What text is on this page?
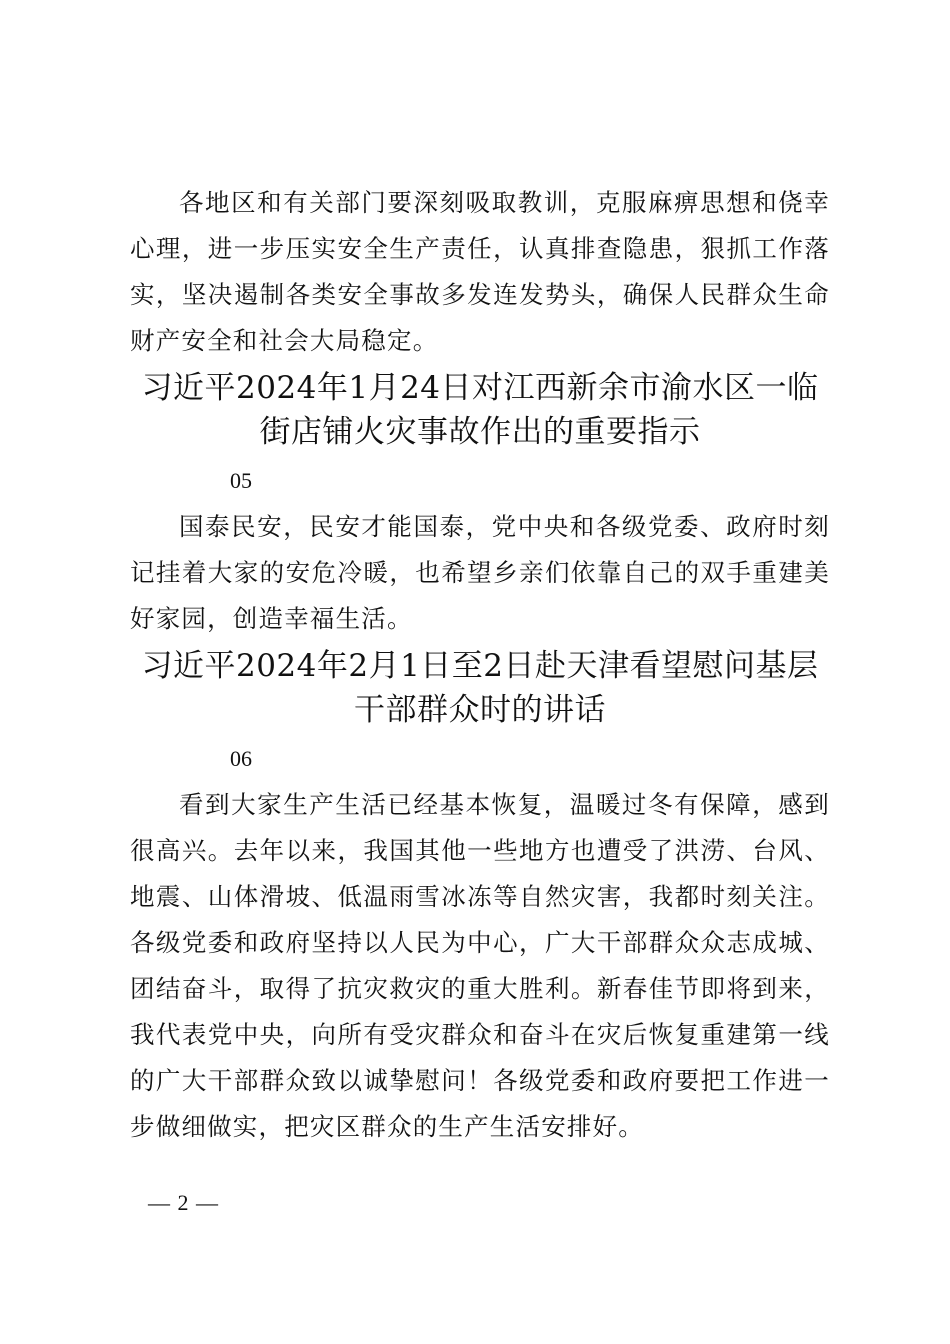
各地区和有关部门要深刻吸取教训，克服麻痹思想和侥幸心理，进一步压实安全生产责任，认真排查隐患，狠抓工作落实，坚决遏制各类安全事故多发连发势头，确保人民群众生命财产安全和社会大局稳定。

习近平2024年1月24日对江西新余市渝水区一临街店铺火灾事故作出的重要指示

05

国泰民安，民安才能国泰，党中央和各级党委、政府时刻记挂着大家的安危冷暖，也希望乡亲们依靠自己的双手重建美好家园，创造幸福生活。

习近平2024年2月1日至2日赴天津看望慰问基层干部群众时的讲话

06

看到大家生产生活已经基本恢复，温暖过冬有保障，感到很高兴。去年以来，我国其他一些地方也遭受了洪涝、台风、地震、山体滑坡、低温雨雪冰冻等自然灾害，我都时刻关注。各级党委和政府坚持以人民为中心，广大干部群众众志成城、团结奋斗，取得了抗灾救灾的重大胜利。新春佳节即将到来，我代表党中央，向所有受灾群众和奋斗在灾后恢复重建第一线的广大干部群众致以诚挚慰问！各级党委和政府要把工作进一步做细做实，把灾区群众的生产生活安排好。

— 2 —
